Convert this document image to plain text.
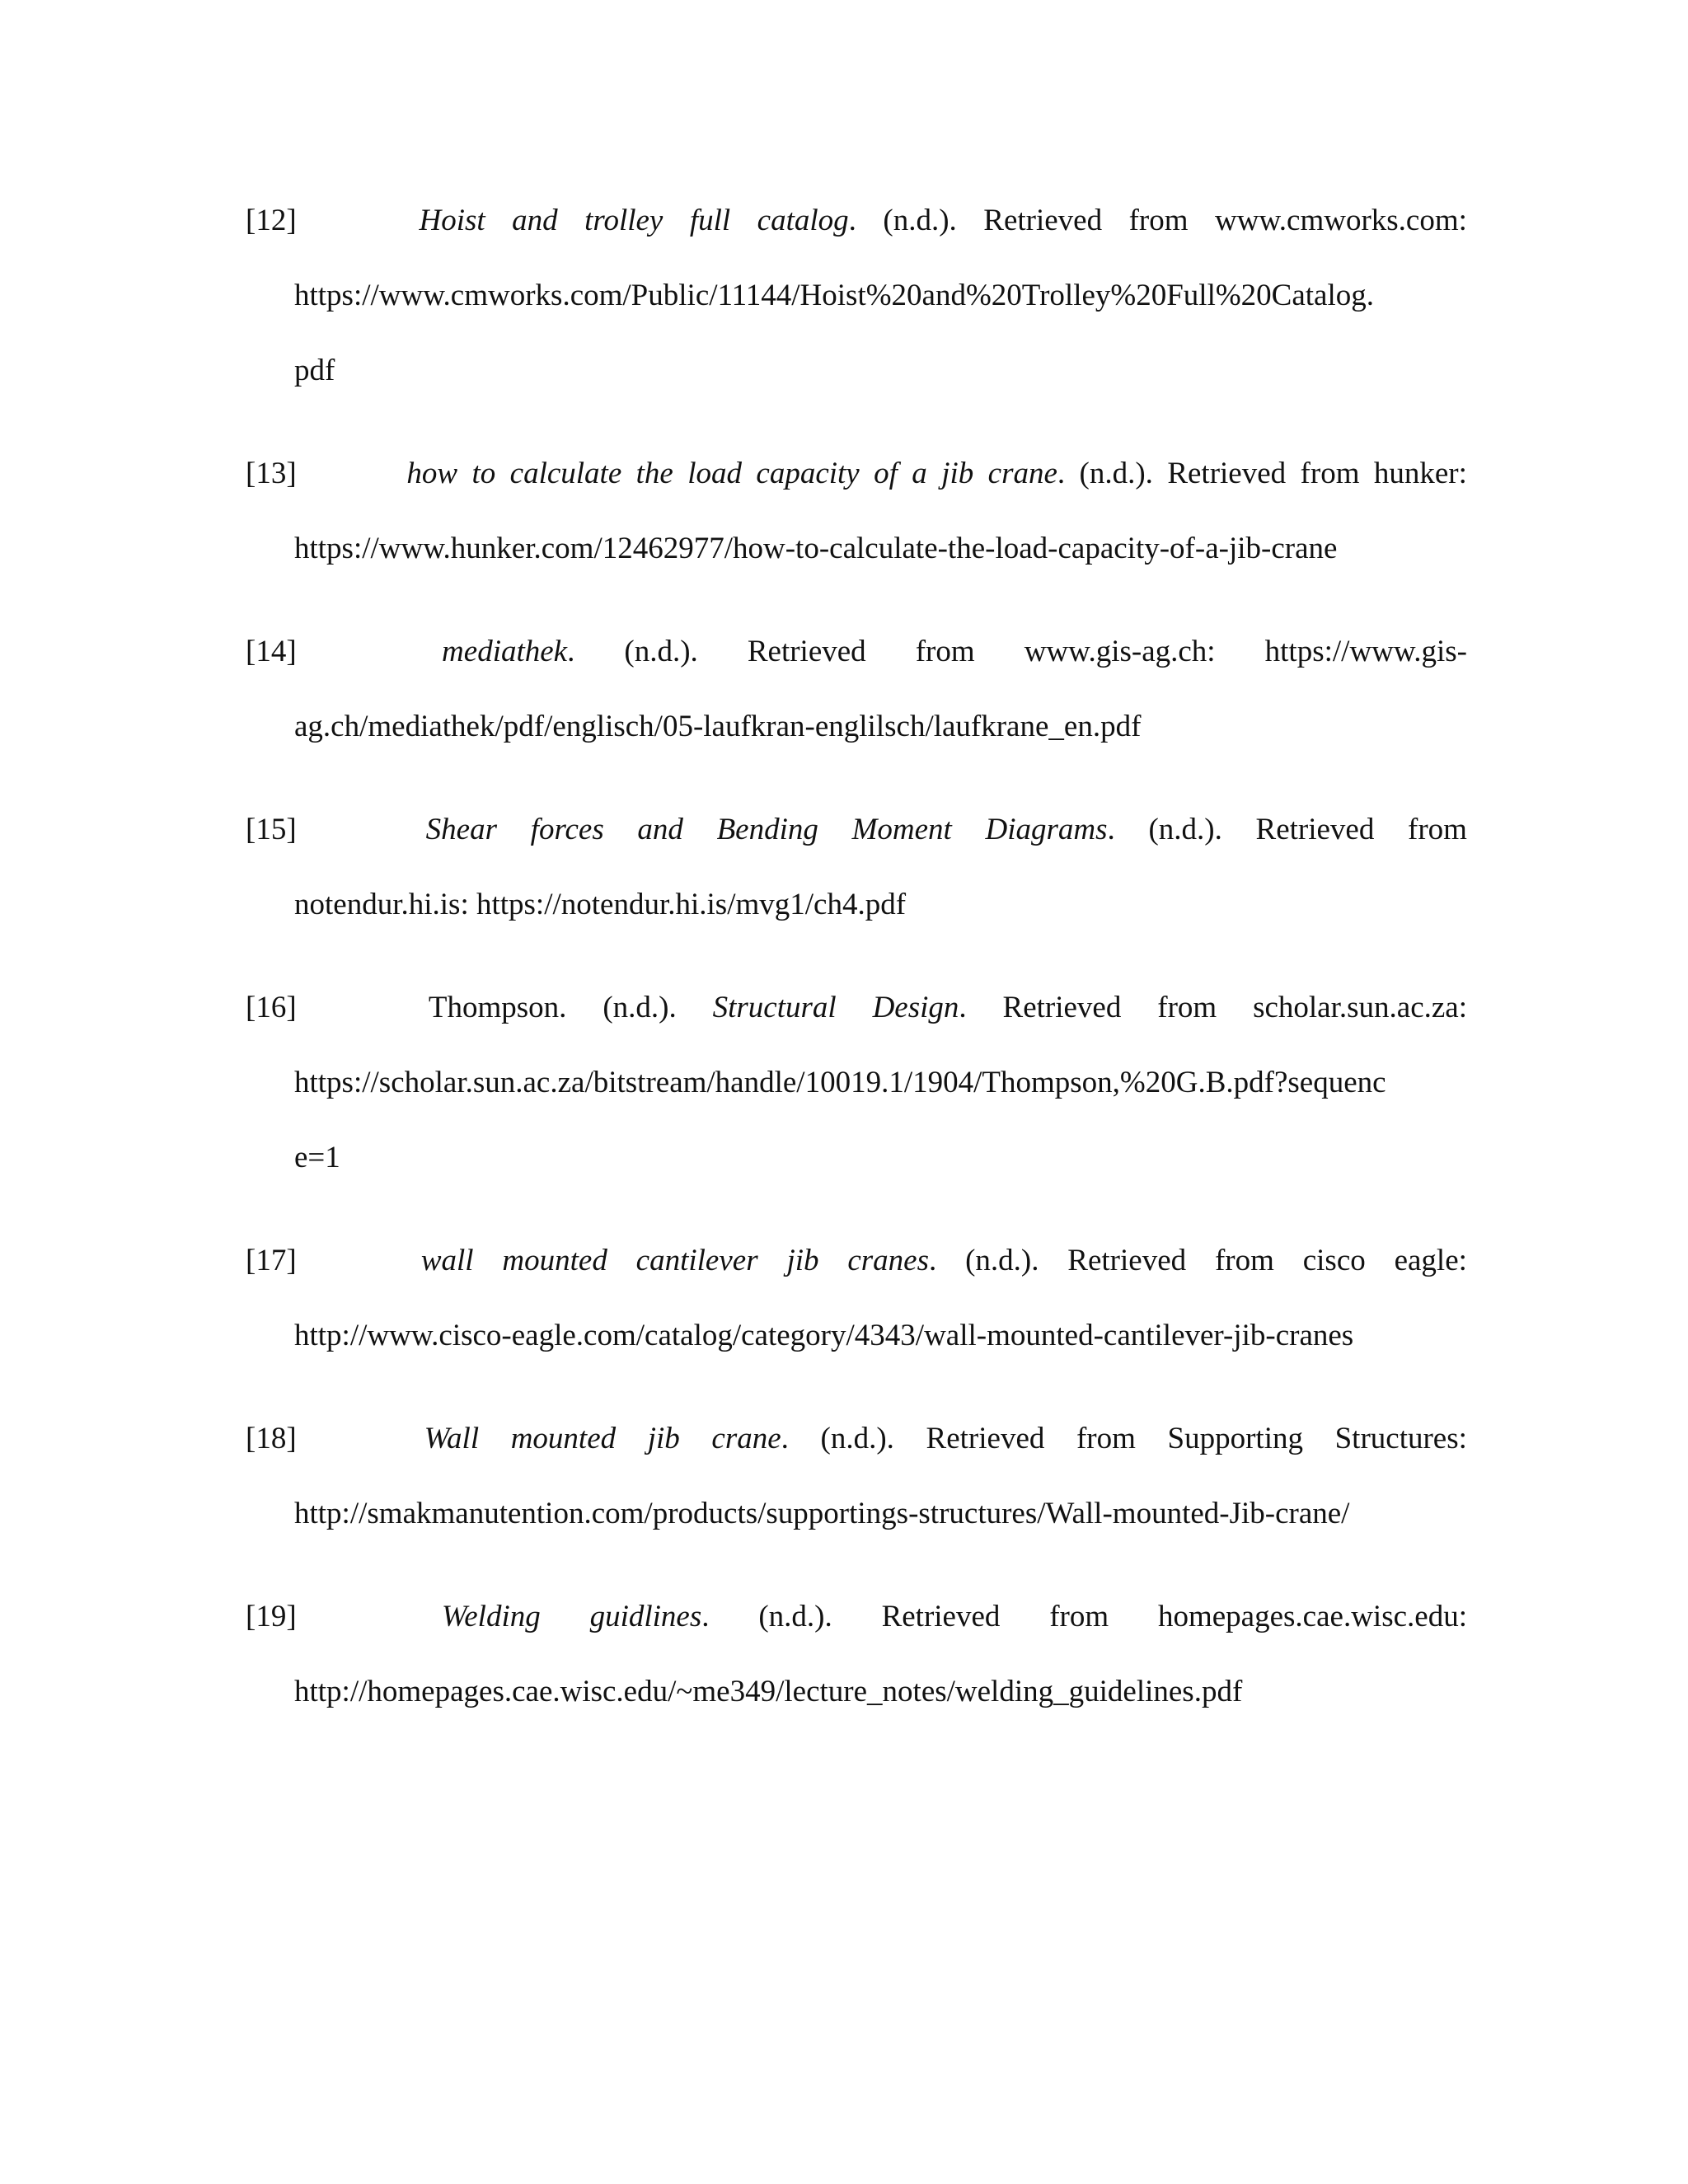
[12]	Hoist and trolley full catalog. (n.d.). Retrieved from www.cmworks.com:
https://www.cmworks.com/Public/11144/Hoist%20and%20Trolley%20Full%20Catalog.
pdf
[13]	how to calculate the load capacity of a jib crane. (n.d.). Retrieved from hunker:
https://www.hunker.com/12462977/how-to-calculate-the-load-capacity-of-a-jib-crane
[14]	mediathek. (n.d.). Retrieved from www.gis-ag.ch: https://www.gis-
ag.ch/mediathek/pdf/englisch/05-laufkran-englilsch/laufkrane_en.pdf
[15]	Shear forces and Bending Moment Diagrams. (n.d.). Retrieved from
notendur.hi.is: https://notendur.hi.is/mvg1/ch4.pdf
[16]	Thompson. (n.d.). Structural Design. Retrieved from scholar.sun.ac.za:
https://scholar.sun.ac.za/bitstream/handle/10019.1/1904/Thompson,%20G.B.pdf?sequenc
e=1
[17]	wall mounted cantilever jib cranes. (n.d.). Retrieved from cisco eagle:
http://www.cisco-eagle.com/catalog/category/4343/wall-mounted-cantilever-jib-cranes
[18]	Wall mounted jib crane. (n.d.). Retrieved from Supporting Structures:
http://smakmanutention.com/products/supportings-structures/Wall-mounted-Jib-crane/
[19]	Welding guidlines. (n.d.). Retrieved from homepages.cae.wisc.edu:
http://homepages.cae.wisc.edu/~me349/lecture_notes/welding_guidelines.pdf
